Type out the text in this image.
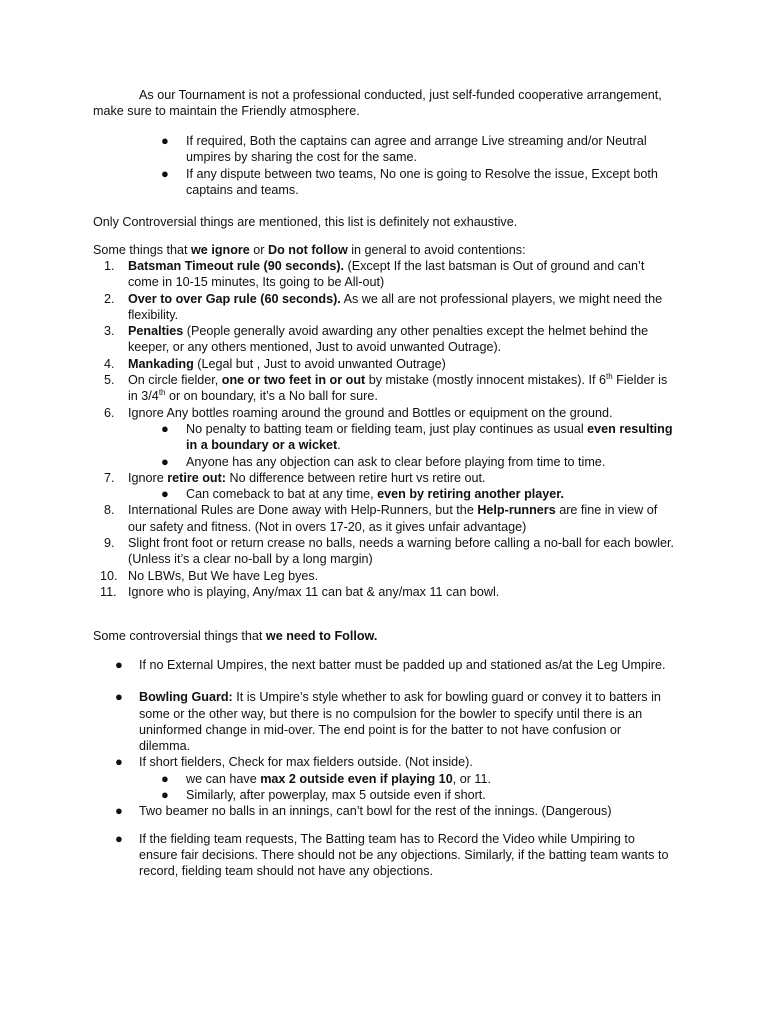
As our Tournament is not a professional conducted, just self-funded cooperative arrangement, make sure to maintain the Friendly atmosphere.

● If required, Both the captains can agree and arrange Live streaming and/or Neutral umpires by sharing the cost for the same.
● If any dispute between two teams, No one is going to Resolve the issue, Except both captains and teams.

Only Controversial things are mentioned, this list is definitely not exhaustive.

Some things that we ignore or Do not follow in general to avoid contentions:

1. Batsman Timeout rule (90 seconds). (Except If the last batsman is Out of ground and can’t come in 10-15 minutes, Its going to be All-out)
2. Over to over Gap rule (60 seconds). As we all are not professional players, we might need the flexibility.
3. Penalties (People generally avoid awarding any other penalties except the helmet behind the keeper, or any others mentioned, Just to avoid unwanted Outrage).
4. Mankading (Legal but , Just to avoid unwanted Outrage)
5. On circle fielder, one or two feet in or out by mistake (mostly innocent mistakes). If 6th Fielder is in 3/4th or on boundary, it’s a No ball for sure.
6. Ignore Any bottles roaming around the ground and Bottles or equipment on the ground.
● No penalty to batting team or fielding team, just play continues as usual even resulting in a boundary or a wicket.
● Anyone has any objection can ask to clear before playing from time to time.
7. Ignore retire out: No difference between retire hurt vs retire out.
● Can comeback to bat at any time, even by retiring another player.
8. International Rules are Done away with Help-Runners, but the Help-runners are fine in view of our safety and fitness. (Not in overs 17-20, as it gives unfair advantage)
9. Slight front foot or return crease no balls, needs a warning before calling a no-ball for each bowler. (Unless it’s a clear no-ball by a long margin)
10. No LBWs, But We have Leg byes.
11. Ignore who is playing, Any/max 11 can bat & any/max 11 can bowl.

Some controversial things that we need to Follow.

● If no External Umpires, the next batter must be padded up and stationed as/at the Leg Umpire.
● Bowling Guard: It is Umpire’s style whether to ask for bowling guard or convey it to batters in some or the other way, but there is no compulsion for the bowler to specify until there is an uninformed change in mid-over. The end point is for the batter to not have confusion or dilemma.
● If short fielders, Check for max fielders outside. (Not inside).
● we can have max 2 outside even if playing 10, or 11.
● Similarly, after powerplay, max 5 outside even if short.
● Two beamer no balls in an innings, can’t bowl for the rest of the innings. (Dangerous)
● If the fielding team requests, The Batting team has to Record the Video while Umpiring to ensure fair decisions. There should not be any objections. Similarly, if the batting team wants to record, fielding team should not have any objections.
